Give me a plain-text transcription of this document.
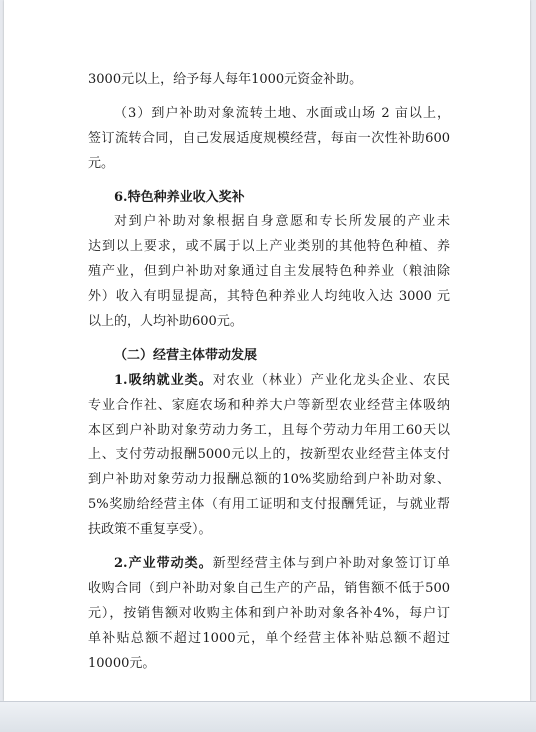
3000元以上，给予每人每年1000元资金补助。
（3）到户补助对象流转土地、水面或山场 2 亩以上，
签订流转合同，自己发展适度规模经营，每亩一次性补助600
元。
6.特色种养业收入奖补
对到户补助对象根据自身意愿和专长所发展的产业未
达到以上要求，或不属于以上产业类别的其他特色种植、养
殖产业，但到户补助对象通过自主发展特色种养业（粮油除
外）收入有明显提高，其特色种养业人均纯收入达 3000 元
以上的，人均补助600元。
（二）经营主体带动发展
1.吸纳就业类。对农业（林业）产业化龙头企业、农民
专业合作社、家庭农场和种养大户等新型农业经营主体吸纳
本区到户补助对象劳动力务工，且每个劳动力年用工60天以
上、支付劳动报酬5000元以上的，按新型农业经营主体支付
到户补助对象劳动力报酬总额的10%奖励给到户补助对象、
5%奖励给经营主体（有用工证明和支付报酬凭证，与就业帮
扶政策不重复享受）。
2.产业带动类。新型经营主体与到户补助对象签订订单
收购合同（到户补助对象自己生产的产品，销售额不低于500
元），按销售额对收购主体和到户补助对象各补4%，每户订
单补贴总额不超过1000元，单个经营主体补贴总额不超过
10000元。
